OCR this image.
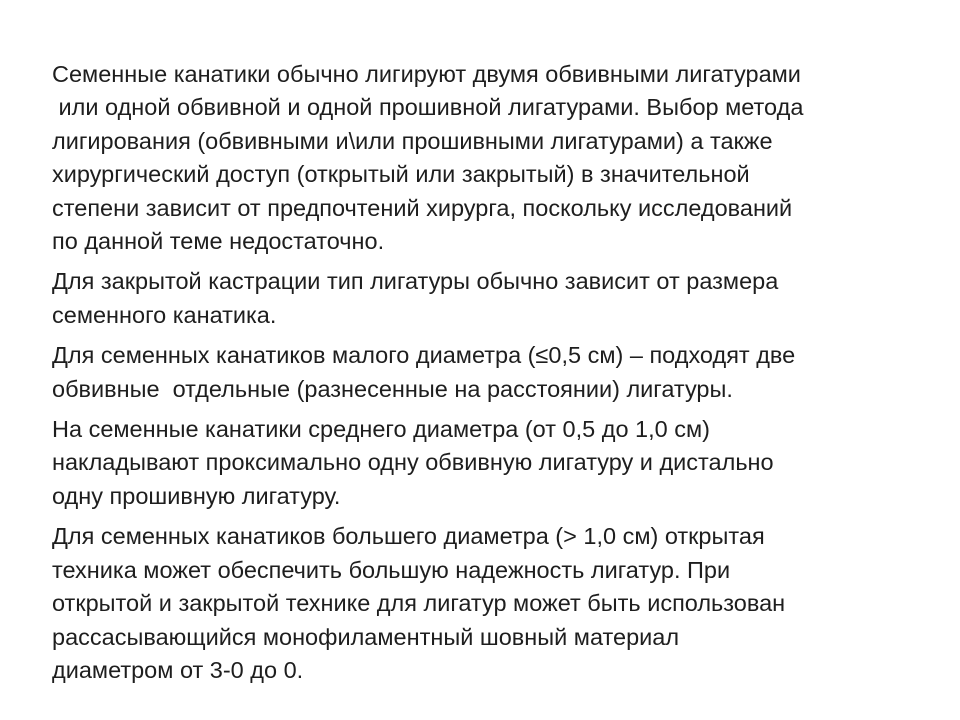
Семенные канатики обычно лигируют двумя обвивными лигатурами
или одной обвивной и одной прошивной лигатурами. Выбор метода
лигирования (обвивными и\или прошивными лигатурами) а также
хирургический доступ (открытый или закрытый) в значительной
степени зависит от предпочтений хирурга, поскольку исследований
по данной теме недостаточно.

Для закрытой кастрации тип лигатуры обычно зависит от размера
семенного канатика.

Для семенных канатиков малого диаметра (≤0,5 см) – подходят две
обвивные  отдельные (разнесенные на расстоянии) лигатуры.

На семенные канатики среднего диаметра (от 0,5 до 1,0 см)
накладывают проксимально одну обвивную лигатуру и дистально
одну прошивную лигатуру.

Для семенных канатиков большего диаметра (> 1,0 см) открытая
техника может обеспечить большую надежность лигатур. При
открытой и закрытой технике для лигатур может быть использован
рассасывающийся монофиламентный шовный материал
диаметром от 3-0 до 0.
